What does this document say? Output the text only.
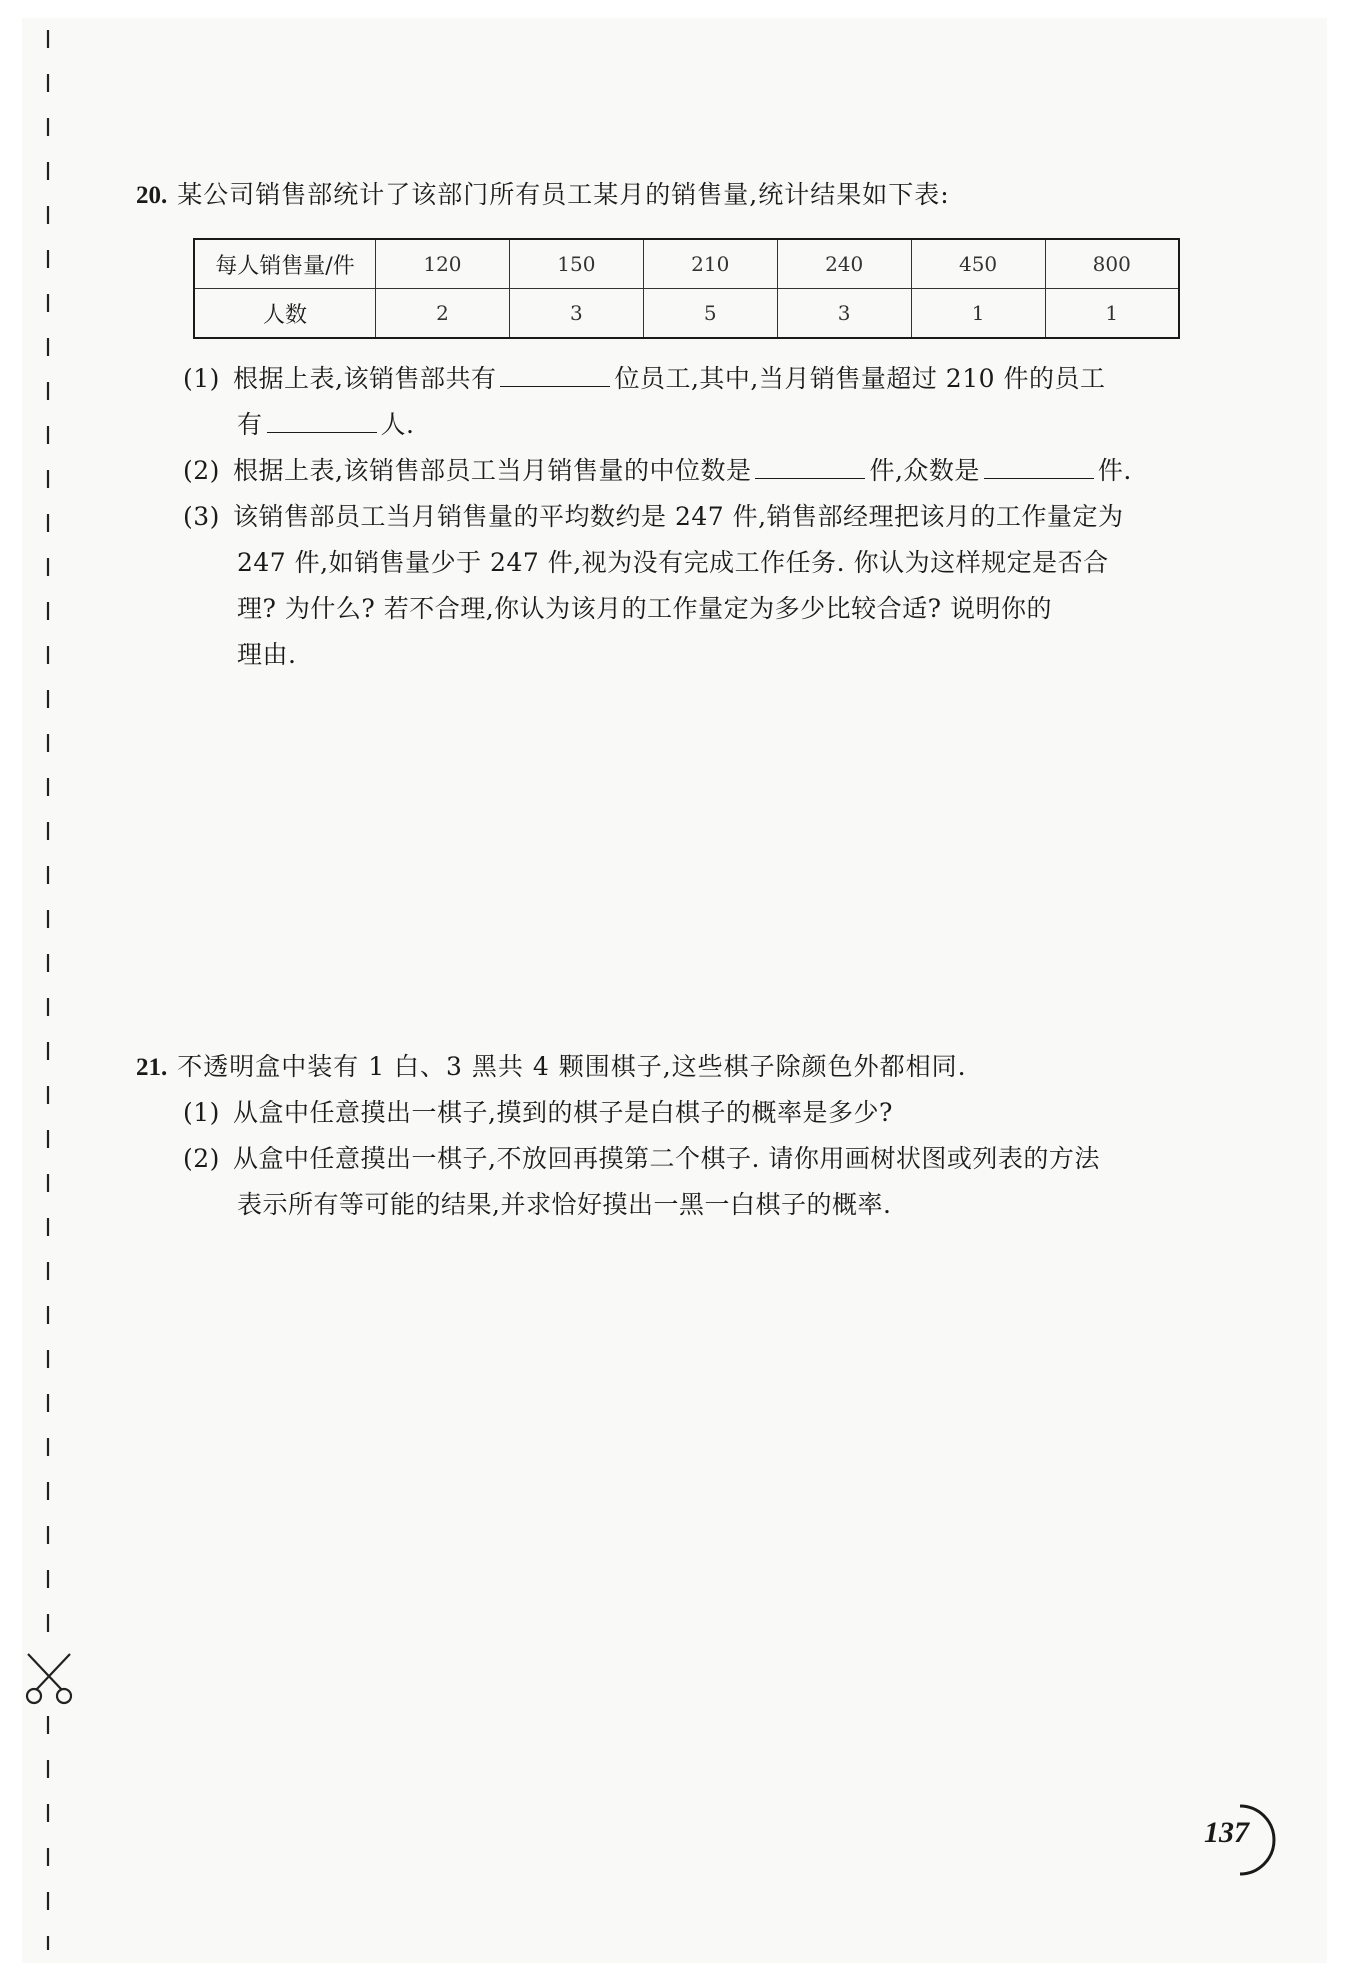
20. 某公司销售部统计了该部门所有员工某月的销售量,统计结果如下表:
每人销售量/件	120	150	210	240	450	800
人数	2	3	5	3	1	1
(1) 根据上表,该销售部共有	位员工,其中,当月销售量超过 210 件的员工
有	人.
(2) 根据上表,该销售部员工当月销售量的中位数是	件,众数是	件.
(3) 该销售部员工当月销售量的平均数约是 247 件,销售部经理把该月的工作量定为
247 件,如销售量少于 247 件,视为没有完成工作任务. 你认为这样规定是否合
理? 为什么? 若不合理,你认为该月的工作量定为多少比较合适? 说明你的
理由.
21. 不透明盒中装有 1 白、3 黑共 4 颗围棋子,这些棋子除颜色外都相同.
(1) 从盒中任意摸出一棋子,摸到的棋子是白棋子的概率是多少?
(2) 从盒中任意摸出一棋子,不放回再摸第二个棋子. 请你用画树状图或列表的方法
表示所有等可能的结果,并求恰好摸出一黑一白棋子的概率.
137
